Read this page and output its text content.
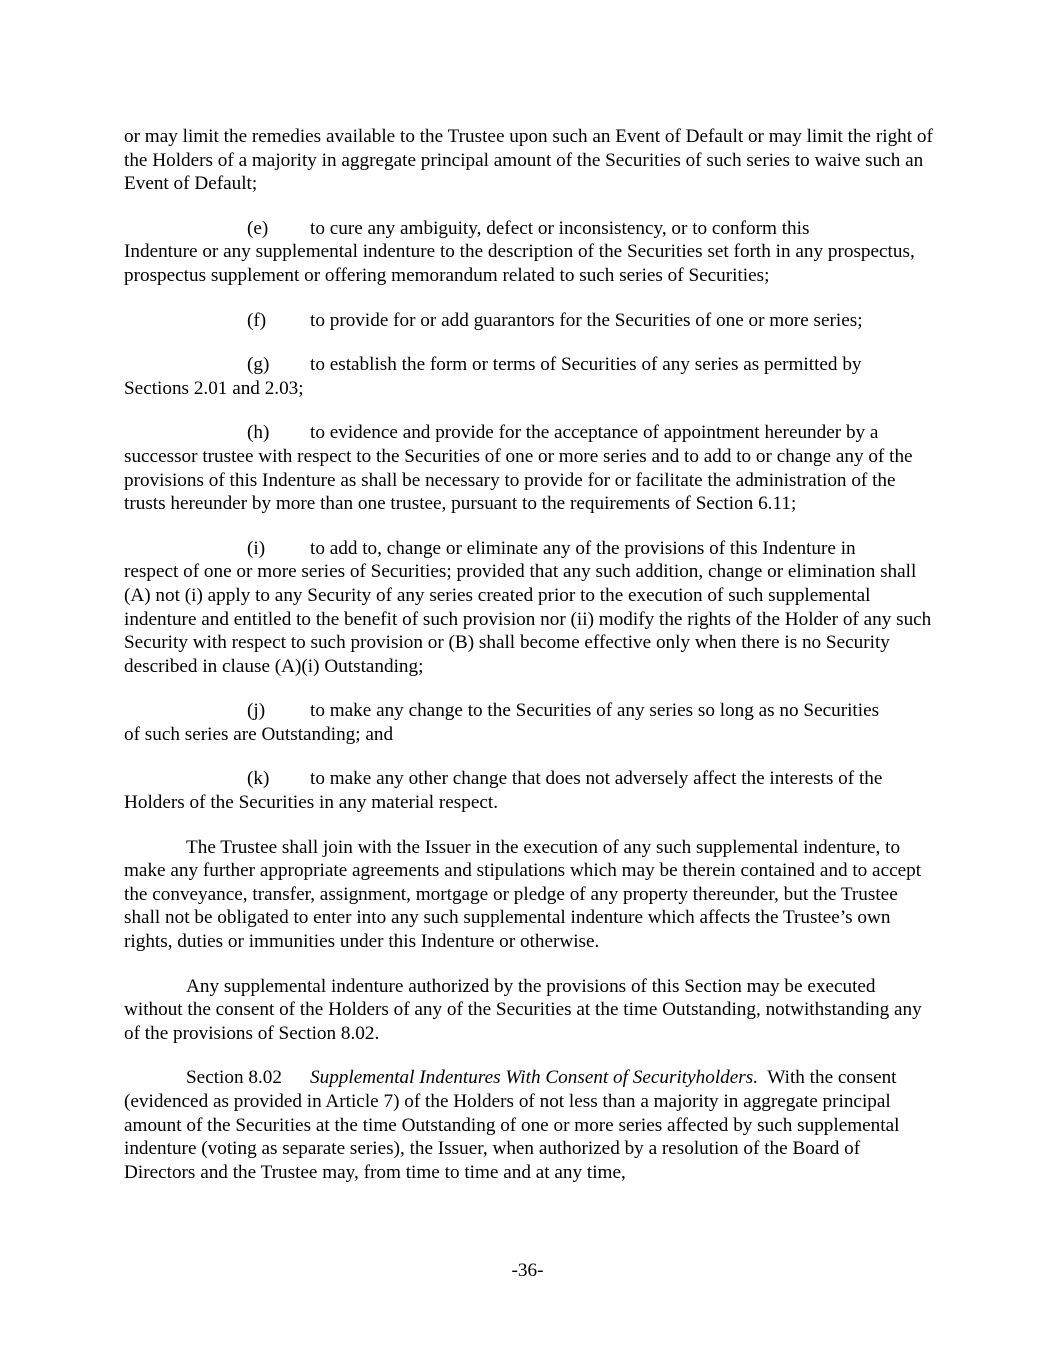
or may limit the remedies available to the Trustee upon such an Event of Default or may limit the right of the Holders of a majority in aggregate principal amount of the Securities of such series to waive such an Event of Default;

(e) to cure any ambiguity, defect or inconsistency, or to conform this
Indenture or any supplemental indenture to the description of the Securities set forth in any prospectus, prospectus supplement or offering memorandum related to such series of Securities;

(f) to provide for or add guarantors for the Securities of one or more series;

(g) to establish the form or terms of Securities of any series as permitted by
Sections 2.01 and 2.03;

(h) to evidence and provide for the acceptance of appointment hereunder by a
successor trustee with respect to the Securities of one or more series and to add to or change any of the provisions of this Indenture as shall be necessary to provide for or facilitate the administration of the trusts hereunder by more than one trustee, pursuant to the requirements of Section 6.11;

(i) to add to, change or eliminate any of the provisions of this Indenture in
respect of one or more series of Securities; provided that any such addition, change or elimination shall (A) not (i) apply to any Security of any series created prior to the execution of such supplemental indenture and entitled to the benefit of such provision nor (ii) modify the rights of the Holder of any such Security with respect to such provision or (B) shall become effective only when there is no Security described in clause (A)(i) Outstanding;

(j) to make any change to the Securities of any series so long as no Securities
of such series are Outstanding; and

(k) to make any other change that does not adversely affect the interests of the
Holders of the Securities in any material respect.

The Trustee shall join with the Issuer in the execution of any such supplemental indenture, to make any further appropriate agreements and stipulations which may be therein contained and to accept the conveyance, transfer, assignment, mortgage or pledge of any property thereunder, but the Trustee shall not be obligated to enter into any such supplemental indenture which affects the Trustee’s own rights, duties or immunities under this Indenture or otherwise.

Any supplemental indenture authorized by the provisions of this Section may be executed without the consent of the Holders of any of the Securities at the time Outstanding, notwithstanding any of the provisions of Section 8.02.

Section 8.02 Supplemental Indentures With Consent of Securityholders. With the consent (evidenced as provided in Article 7) of the Holders of not less than a majority in aggregate principal amount of the Securities at the time Outstanding of one or more series affected by such supplemental indenture (voting as separate series), the Issuer, when authorized by a resolution of the Board of Directors and the Trustee may, from time to time and at any time,

-36-
